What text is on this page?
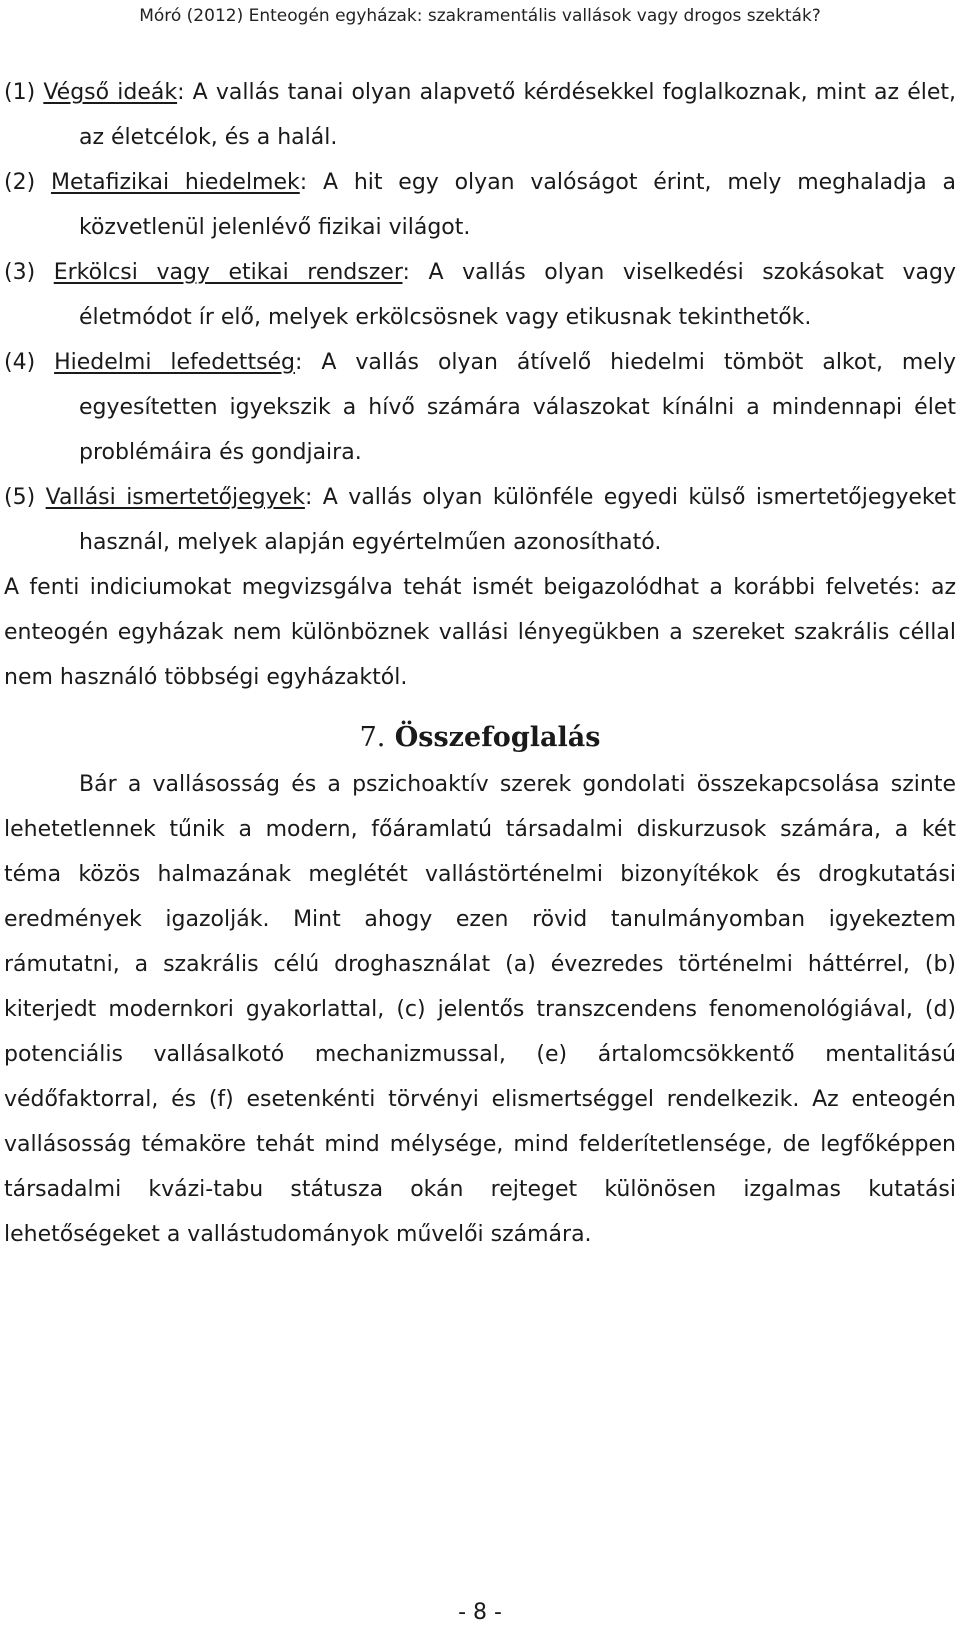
Móró (2012) Enteogén egyházak: szakramentális vallások vagy drogos szekták?

(1) Végső ideák: A vallás tanai olyan alapvető kérdésekkel foglalkoznak, mint az élet, az életcélok, és a halál.

(2) Metafizikai hiedelmek: A hit egy olyan valóságot érint, mely meghaladja a közvetlenül jelenlévő fizikai világot.

(3) Erkölcsi vagy etikai rendszer: A vallás olyan viselkedési szokásokat vagy életmódot ír elő, melyek erkölcsösnek vagy etikusnak tekinthetők.

(4) Hiedelmi lefedettség: A vallás olyan átívelő hiedelmi tömböt alkot, mely egyesítetten igyekszik a hívő számára válaszokat kínálni a mindennapi élet problémáira és gondjaira.

(5) Vallási ismertetőjegyek: A vallás olyan különféle egyedi külső ismertetőjegyeket használ, melyek alapján egyértelműen azonosítható.

A fenti indiciumokat megvizsgálva tehát ismét beigazolódhat a korábbi felvetés: az enteogén egyházak nem különböznek vallási lényegükben a szereket szakrális céllal nem használó többségi egyházaktól.

7. Összefoglalás

Bár a vallásosság és a pszichoaktív szerek gondolati összekapcsolása szinte lehetetlennek tűnik a modern, főáramlatú társadalmi diskurzusok számára, a két téma közös halmazának meglétét vallástörténelmi bizonyítékok és drogkutatási eredmények igazolják. Mint ahogy ezen rövid tanulmányomban igyekeztem rámutatni, a szakrális célú droghasználat (a) évezredes történelmi háttérrel, (b) kiterjedt modernkori gyakorlattal, (c) jelentős transzcendens fenomenológiával, (d) potenciális vallásalkotó mechanizmussal, (e) ártalomcsökkentő mentalitású védőfaktorral, és (f) esetenkénti törvényi elismertséggel rendelkezik. Az enteogén vallásosság témaköre tehát mind mélysége, mind felderítetlensége, de legfőképpen társadalmi kvázi-tabu státusza okán rejteget különösen izgalmas kutatási lehetőségeket a vallástudományok művelői számára.

- 8 -
